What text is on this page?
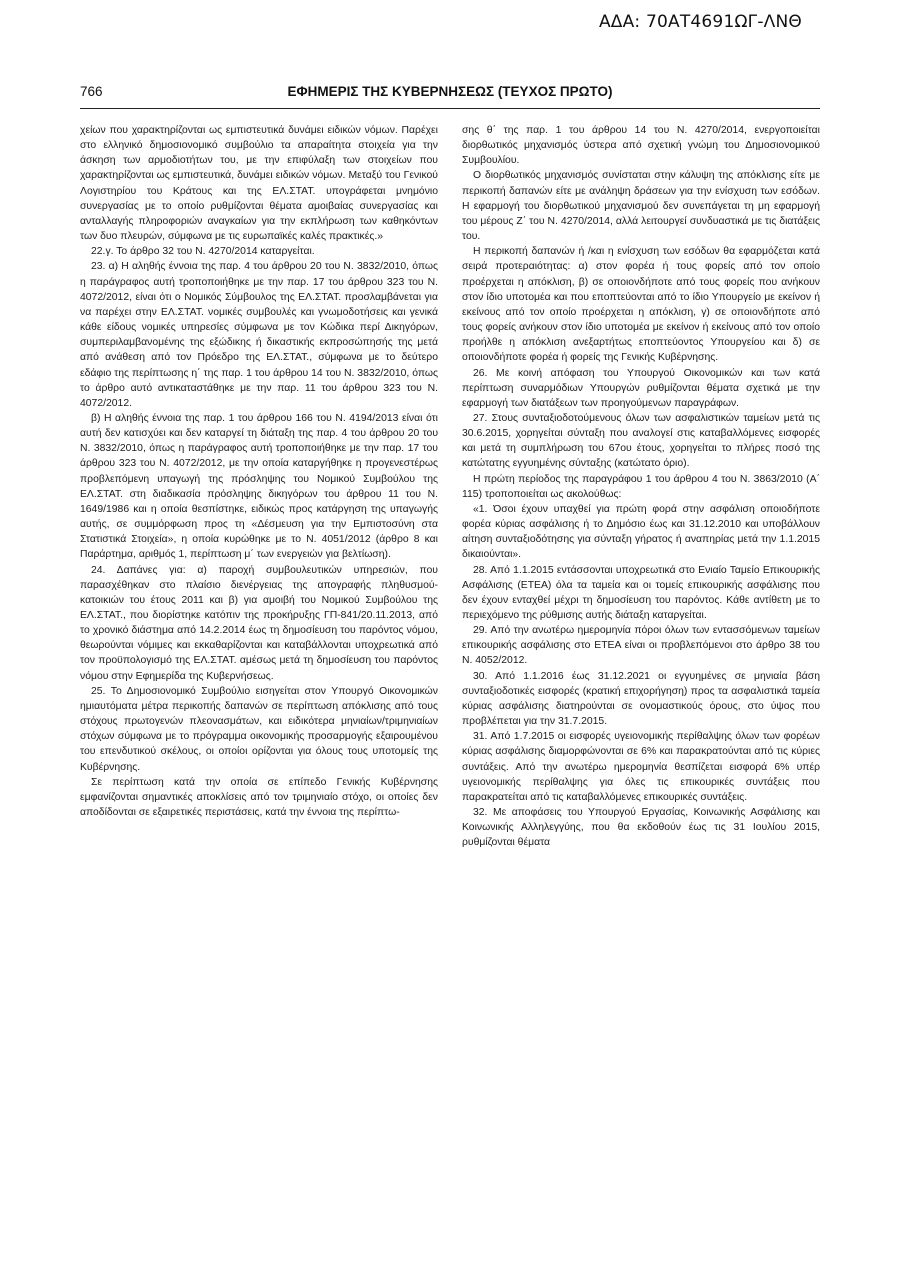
ΑΔΑ: 70ΑΤ4691ΩΓ-ΛΝΘ
766	ΕΦΗΜΕΡΙΣ ΤΗΣ ΚΥΒΕΡΝΗΣΕΩΣ (ΤΕΥΧΟΣ ΠΡΩΤΟ)

χείων που χαρακτηρίζονται ως εμπιστευτικά δυνάμει ειδικών νόμων. Παρέχει στο ελληνικό δημοσιονομικό συμβούλιο τα απαραίτητα στοιχεία για την άσκηση των αρμοδιοτήτων του, με την επιφύλαξη των στοιχείων που χαρακτηρίζονται ως εμπιστευτικά, δυνάμει ειδικών νόμων. Μεταξύ του Γενικού Λογιστηρίου του Κράτους και της ΕΛ.ΣΤΑΤ. υπογράφεται μνημόνιο συνεργασίας με το οποίο ρυθμίζονται θέματα αμοιβαίας συνεργασίας και ανταλλαγής πληροφοριών αναγκαίων για την εκπλήρωση των καθηκόντων των δυο πλευρών, σύμφωνα με τις ευρωπαϊκές καλές πρακτικές.»

22.γ. Το άρθρο 32 του Ν. 4270/2014 καταργείται.

23. α) Η αληθής έννοια της παρ. 4 του άρθρου 20 του Ν. 3832/2010, όπως η παράγραφος αυτή τροποποιήθηκε με την παρ. 17 του άρθρου 323 του Ν. 4072/2012, είναι ότι ο Νομικός Σύμβουλος της ΕΛ.ΣΤΑΤ. προσλαμβάνεται για να παρέχει στην ΕΛ.ΣΤΑΤ. νομικές συμβουλές και γνωμοδοτήσεις και γενικά κάθε είδους νομικές υπηρεσίες σύμφωνα με τον Κώδικα περί Δικηγόρων, συμπεριλαμβανομένης της εξώδικης ή δικαστικής εκπροσώπησής της μετά από ανάθεση από τον Πρόεδρο της ΕΛ.ΣΤΑΤ., σύμφωνα με το δεύτερο εδάφιο της περίπτωσης η΄ της παρ. 1 του άρθρου 14 του Ν. 3832/2010, όπως το άρθρο αυτό αντικαταστάθηκε με την παρ. 11 του άρθρου 323 του Ν. 4072/2012.

β) Η αληθής έννοια της παρ. 1 του άρθρου 166 του Ν. 4194/2013 είναι ότι αυτή δεν κατισχύει και δεν καταργεί τη διάταξη της παρ. 4 του άρθρου 20 του Ν. 3832/2010, όπως η παράγραφος αυτή τροποποιήθηκε με την παρ. 17 του άρθρου 323 του Ν. 4072/2012, με την οποία καταργήθηκε η προγενεστέρως προβλεπόμενη υπαγωγή της πρόσληψης του Νομικού Συμβούλου της ΕΛ.ΣΤΑΤ. στη διαδικασία πρόσληψης δικηγόρων του άρθρου 11 του Ν. 1649/1986 και η οποία θεσπίστηκε, ειδικώς προς κατάργηση της υπαγωγής αυτής, σε συμμόρφωση προς τη «Δέσμευση για την Εμπιστοσύνη στα Στατιστικά Στοιχεία», η οποία κυρώθηκε με το Ν. 4051/2012 (άρθρο 8 και Παράρτημα, αριθμός 1, περίπτωση μ΄ των ενεργειών για βελτίωση).

24. Δαπάνες για: α) παροχή συμβουλευτικών υπηρεσιών, που παρασχέθηκαν στο πλαίσιο διενέργειας της απογραφής πληθυσμού-κατοικιών του έτους 2011 και β) για αμοιβή του Νομικού Συμβούλου της ΕΛ.ΣΤΑΤ., που διορίστηκε κατόπιν της προκήρυξης ΓΠ-841/20.11.2013, από το χρονικό διάστημα από 14.2.2014 έως τη δημοσίευση του παρόντος νόμου, θεωρούνται νόμιμες και εκκαθαρίζονται και καταβάλλονται υποχρεωτικά από τον προϋπολογισμό της ΕΛ.ΣΤΑΤ. αμέσως μετά τη δημοσίευση του παρόντος νόμου στην Εφημερίδα της Κυβερνήσεως.

25. Το Δημοσιονομικό Συμβούλιο εισηγείται στον Υπουργό Οικονομικών ημιαυτόματα μέτρα περικοπής δαπανών σε περίπτωση απόκλισης από τους στόχους πρωτογενών πλεονασμάτων, και ειδικότερα μηνιαίων/τριμηνιαίων στόχων σύμφωνα με το πρόγραμμα οικονομικής προσαρμογής εξαιρουμένου του επενδυτικού σκέλους, οι οποίοι ορίζονται για όλους τους υποτομείς της Κυβέρνησης.

Σε περίπτωση κατά την οποία σε επίπεδο Γενικής Κυβέρνησης εμφανίζονται σημαντικές αποκλίσεις από τον τριμηνιαίο στόχο, οι οποίες δεν αποδίδονται σε εξαιρετικές περιστάσεις, κατά την έννοια της περίπτω-

σης θ΄ της παρ. 1 του άρθρου 14 του Ν. 4270/2014, ενεργοποιείται διορθωτικός μηχανισμός ύστερα από σχετική γνώμη του Δημοσιονομικού Συμβουλίου.

Ο διορθωτικός μηχανισμός συνίσταται στην κάλυψη της απόκλισης είτε με περικοπή δαπανών είτε με ανάληψη δράσεων για την ενίσχυση των εσόδων. Η εφαρμογή του διορθωτικού μηχανισμού δεν συνεπάγεται τη μη εφαρμογή του μέρους Ζ΄ του Ν. 4270/2014, αλλά λειτουργεί συνδυαστικά με τις διατάξεις του.

Η περικοπή δαπανών ή /και η ενίσχυση των εσόδων θα εφαρμόζεται κατά σειρά προτεραιότητας: α) στον φορέα ή τους φορείς από τον οποίο προέρχεται η απόκλιση, β) σε οποιονδήποτε από τους φορείς που ανήκουν στον ίδιο υποτομέα και που εποπτεύονται από το ίδιο Υπουργείο με εκείνον ή εκείνους από τον οποίο προέρχεται η απόκλιση, γ) σε οποιονδήποτε από τους φορείς ανήκουν στον ίδιο υποτομέα με εκείνον ή εκείνους από τον οποίο προήλθε η απόκλιση ανεξαρτήτως εποπτεύοντος Υπουργείου και δ) σε οποιονδήποτε φορέα ή φορείς της Γενικής Κυβέρνησης.

26. Με κοινή απόφαση του Υπουργού Οικονομικών και των κατά περίπτωση συναρμόδιων Υπουργών ρυθμίζονται θέματα σχετικά με την εφαρμογή των διατάξεων των προηγούμενων παραγράφων.

27. Στους συνταξιοδοτούμενους όλων των ασφαλιστικών ταμείων μετά τις 30.6.2015, χορηγείται σύνταξη που αναλογεί στις καταβαλλόμενες εισφορές και μετά τη συμπλήρωση του 67ου έτους, χορηγείται το πλήρες ποσό της κατώτατης εγγυημένης σύνταξης (κατώτατο όριο).

Η πρώτη περίοδος της παραγράφου 1 του άρθρου 4 του Ν. 3863/2010 (Α΄ 115) τροποποιείται ως ακολούθως:

«1. Όσοι έχουν υπαχθεί για πρώτη φορά στην ασφάλιση οποιοδήποτε φορέα κύριας ασφάλισης ή το Δημόσιο έως και 31.12.2010 και υποβάλλουν αίτηση συνταξιοδότησης για σύνταξη γήρατος ή αναπηρίας μετά την 1.1.2015 δικαιούνται».

28. Από 1.1.2015 εντάσσονται υποχρεωτικά στο Ενιαίο Ταμείο Επικουρικής Ασφάλισης (ΕΤΕΑ) όλα τα ταμεία και οι τομείς επικουρικής ασφάλισης που δεν έχουν ενταχθεί μέχρι τη δημοσίευση του παρόντος. Κάθε αντίθετη με το περιεχόμενο της ρύθμισης αυτής διάταξη καταργείται.

29. Από την ανωτέρω ημερομηνία πόροι όλων των εντασσόμενων ταμείων επικουρικής ασφάλισης στο ΕΤΕΑ είναι οι προβλεπόμενοι στο άρθρο 38 του Ν. 4052/2012.

30. Από 1.1.2016 έως 31.12.2021 οι εγγυημένες σε μηνιαία βάση συνταξιοδοτικές εισφορές (κρατική επιχορήγηση) προς τα ασφαλιστικά ταμεία κύριας ασφάλισης διατηρούνται σε ονομαστικούς όρους, στο ύψος που προβλέπεται για την 31.7.2015.

31. Από 1.7.2015 οι εισφορές υγειονομικής περίθαλψης όλων των φορέων κύριας ασφάλισης διαμορφώνονται σε 6% και παρακρατούνται από τις κύριες συντάξεις. Από την ανωτέρω ημερομηνία θεσπίζεται εισφορά 6% υπέρ υγειονομικής περίθαλψης για όλες τις επικουρικές συντάξεις που παρακρατείται από τις καταβαλλόμενες επικουρικές συντάξεις.

32. Με αποφάσεις του Υπουργού Εργασίας, Κοινωνικής Ασφάλισης και Κοινωνικής Αλληλεγγύης, που θα εκδοθούν έως τις 31 Ιουλίου 2015, ρυθμίζονται θέματα
